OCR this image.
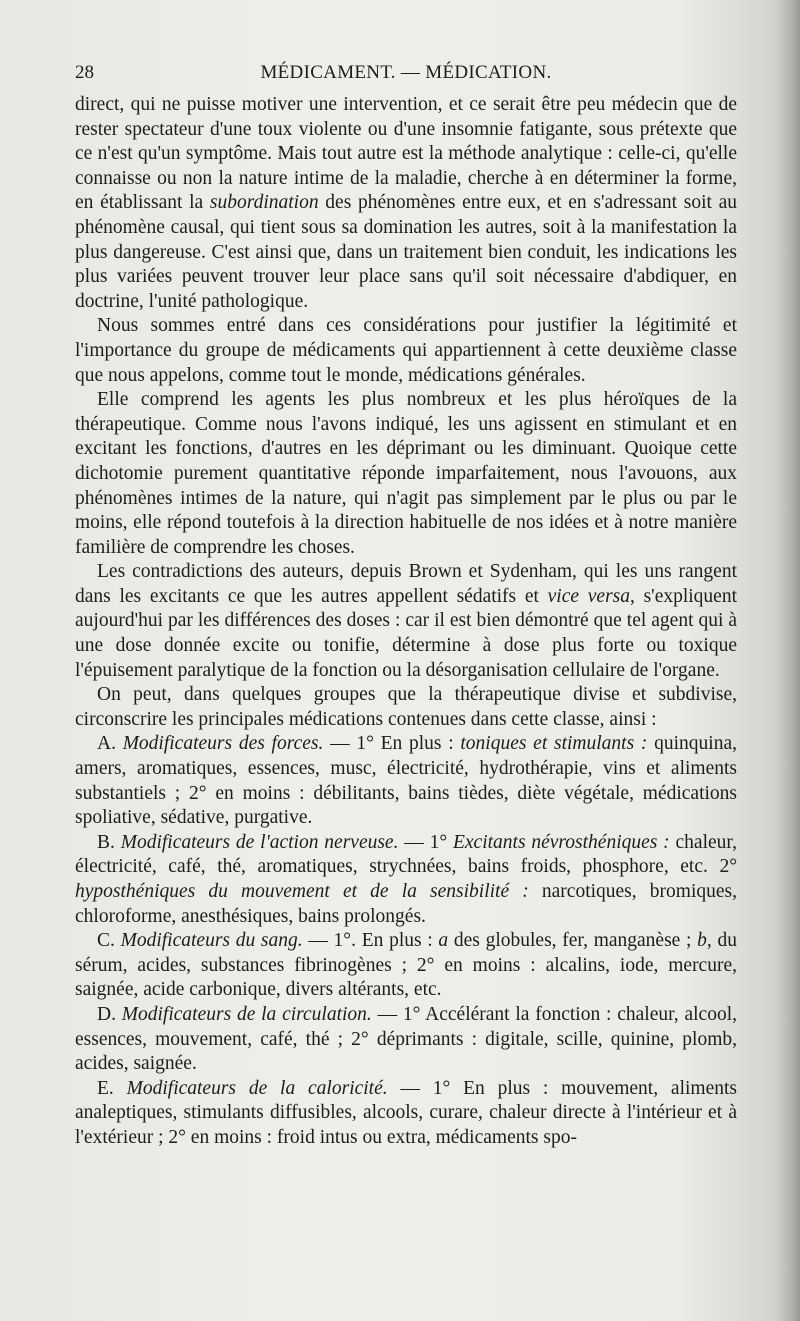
28	MÉDICAMENT. — MÉDICATION.

direct, qui ne puisse motiver une intervention, et ce serait être peu médecin que de rester spectateur d'une toux violente ou d'une insomnie fatigante, sous prétexte que ce n'est qu'un symptôme. Mais tout autre est la méthode analytique : celle-ci, qu'elle connaisse ou non la nature intime de la maladie, cherche à en déterminer la forme, en établissant la subordination des phénomènes entre eux, et en s'adressant soit au phénomène causal, qui tient sous sa domination les autres, soit à la manifestation la plus dangereuse. C'est ainsi que, dans un traitement bien conduit, les indications les plus variées peuvent trouver leur place sans qu'il soit nécessaire d'abdiquer, en doctrine, l'unité pathologique.

Nous sommes entré dans ces considérations pour justifier la légitimité et l'importance du groupe de médicaments qui appartiennent à cette deuxième classe que nous appelons, comme tout le monde, médications générales.

Elle comprend les agents les plus nombreux et les plus héroïques de la thérapeutique. Comme nous l'avons indiqué, les uns agissent en stimulant et en excitant les fonctions, d'autres en les déprimant ou les diminuant. Quoique cette dichotomie purement quantitative réponde imparfaitement, nous l'avouons, aux phénomènes intimes de la nature, qui n'agit pas simplement par le plus ou par le moins, elle répond toutefois à la direction habituelle de nos idées et à notre manière familière de comprendre les choses.

Les contradictions des auteurs, depuis Brown et Sydenham, qui les uns rangent dans les excitants ce que les autres appellent sédatifs et vice versa, s'expliquent aujourd'hui par les différences des doses : car il est bien démontré que tel agent qui à une dose donnée excite ou tonifie, détermine à dose plus forte ou toxique l'épuisement paralytique de la fonction ou la désorganisation cellulaire de l'organe.

On peut, dans quelques groupes que la thérapeutique divise et subdivise, circonscrire les principales médications contenues dans cette classe, ainsi :

A. Modificateurs des forces. — 1° En plus : toniques et stimulants : quinquina, amers, aromatiques, essences, musc, électricité, hydrothérapie, vins et aliments substantiels ; 2° en moins : débilitants, bains tièdes, diète végétale, médications spoliative, sédative, purgative.

B. Modificateurs de l'action nerveuse. — 1° Excitants névrosthéniques : chaleur, électricité, café, thé, aromatiques, strychnées, bains froids, phosphore, etc. 2° hyposthéniques du mouvement et de la sensibilité : narcotiques, bromiques, chloroforme, anesthésiques, bains prolongés.

C. Modificateurs du sang. — 1°. En plus : a des globules, fer, manganèse ; b, du sérum, acides, substances fibrinogènes ; 2° en moins : alcalins, iode, mercure, saignée, acide carbonique, divers altérants, etc.

D. Modificateurs de la circulation. — 1° Accélérant la fonction : chaleur, alcool, essences, mouvement, café, thé ; 2° déprimants : digitale, scille, quinine, plomb, acides, saignée.

E. Modificateurs de la caloricité. — 1° En plus : mouvement, aliments analeptiques, stimulants diffusibles, alcools, curare, chaleur directe à l'intérieur et à l'extérieur ; 2° en moins : froid intus ou extra, médicaments spo-
